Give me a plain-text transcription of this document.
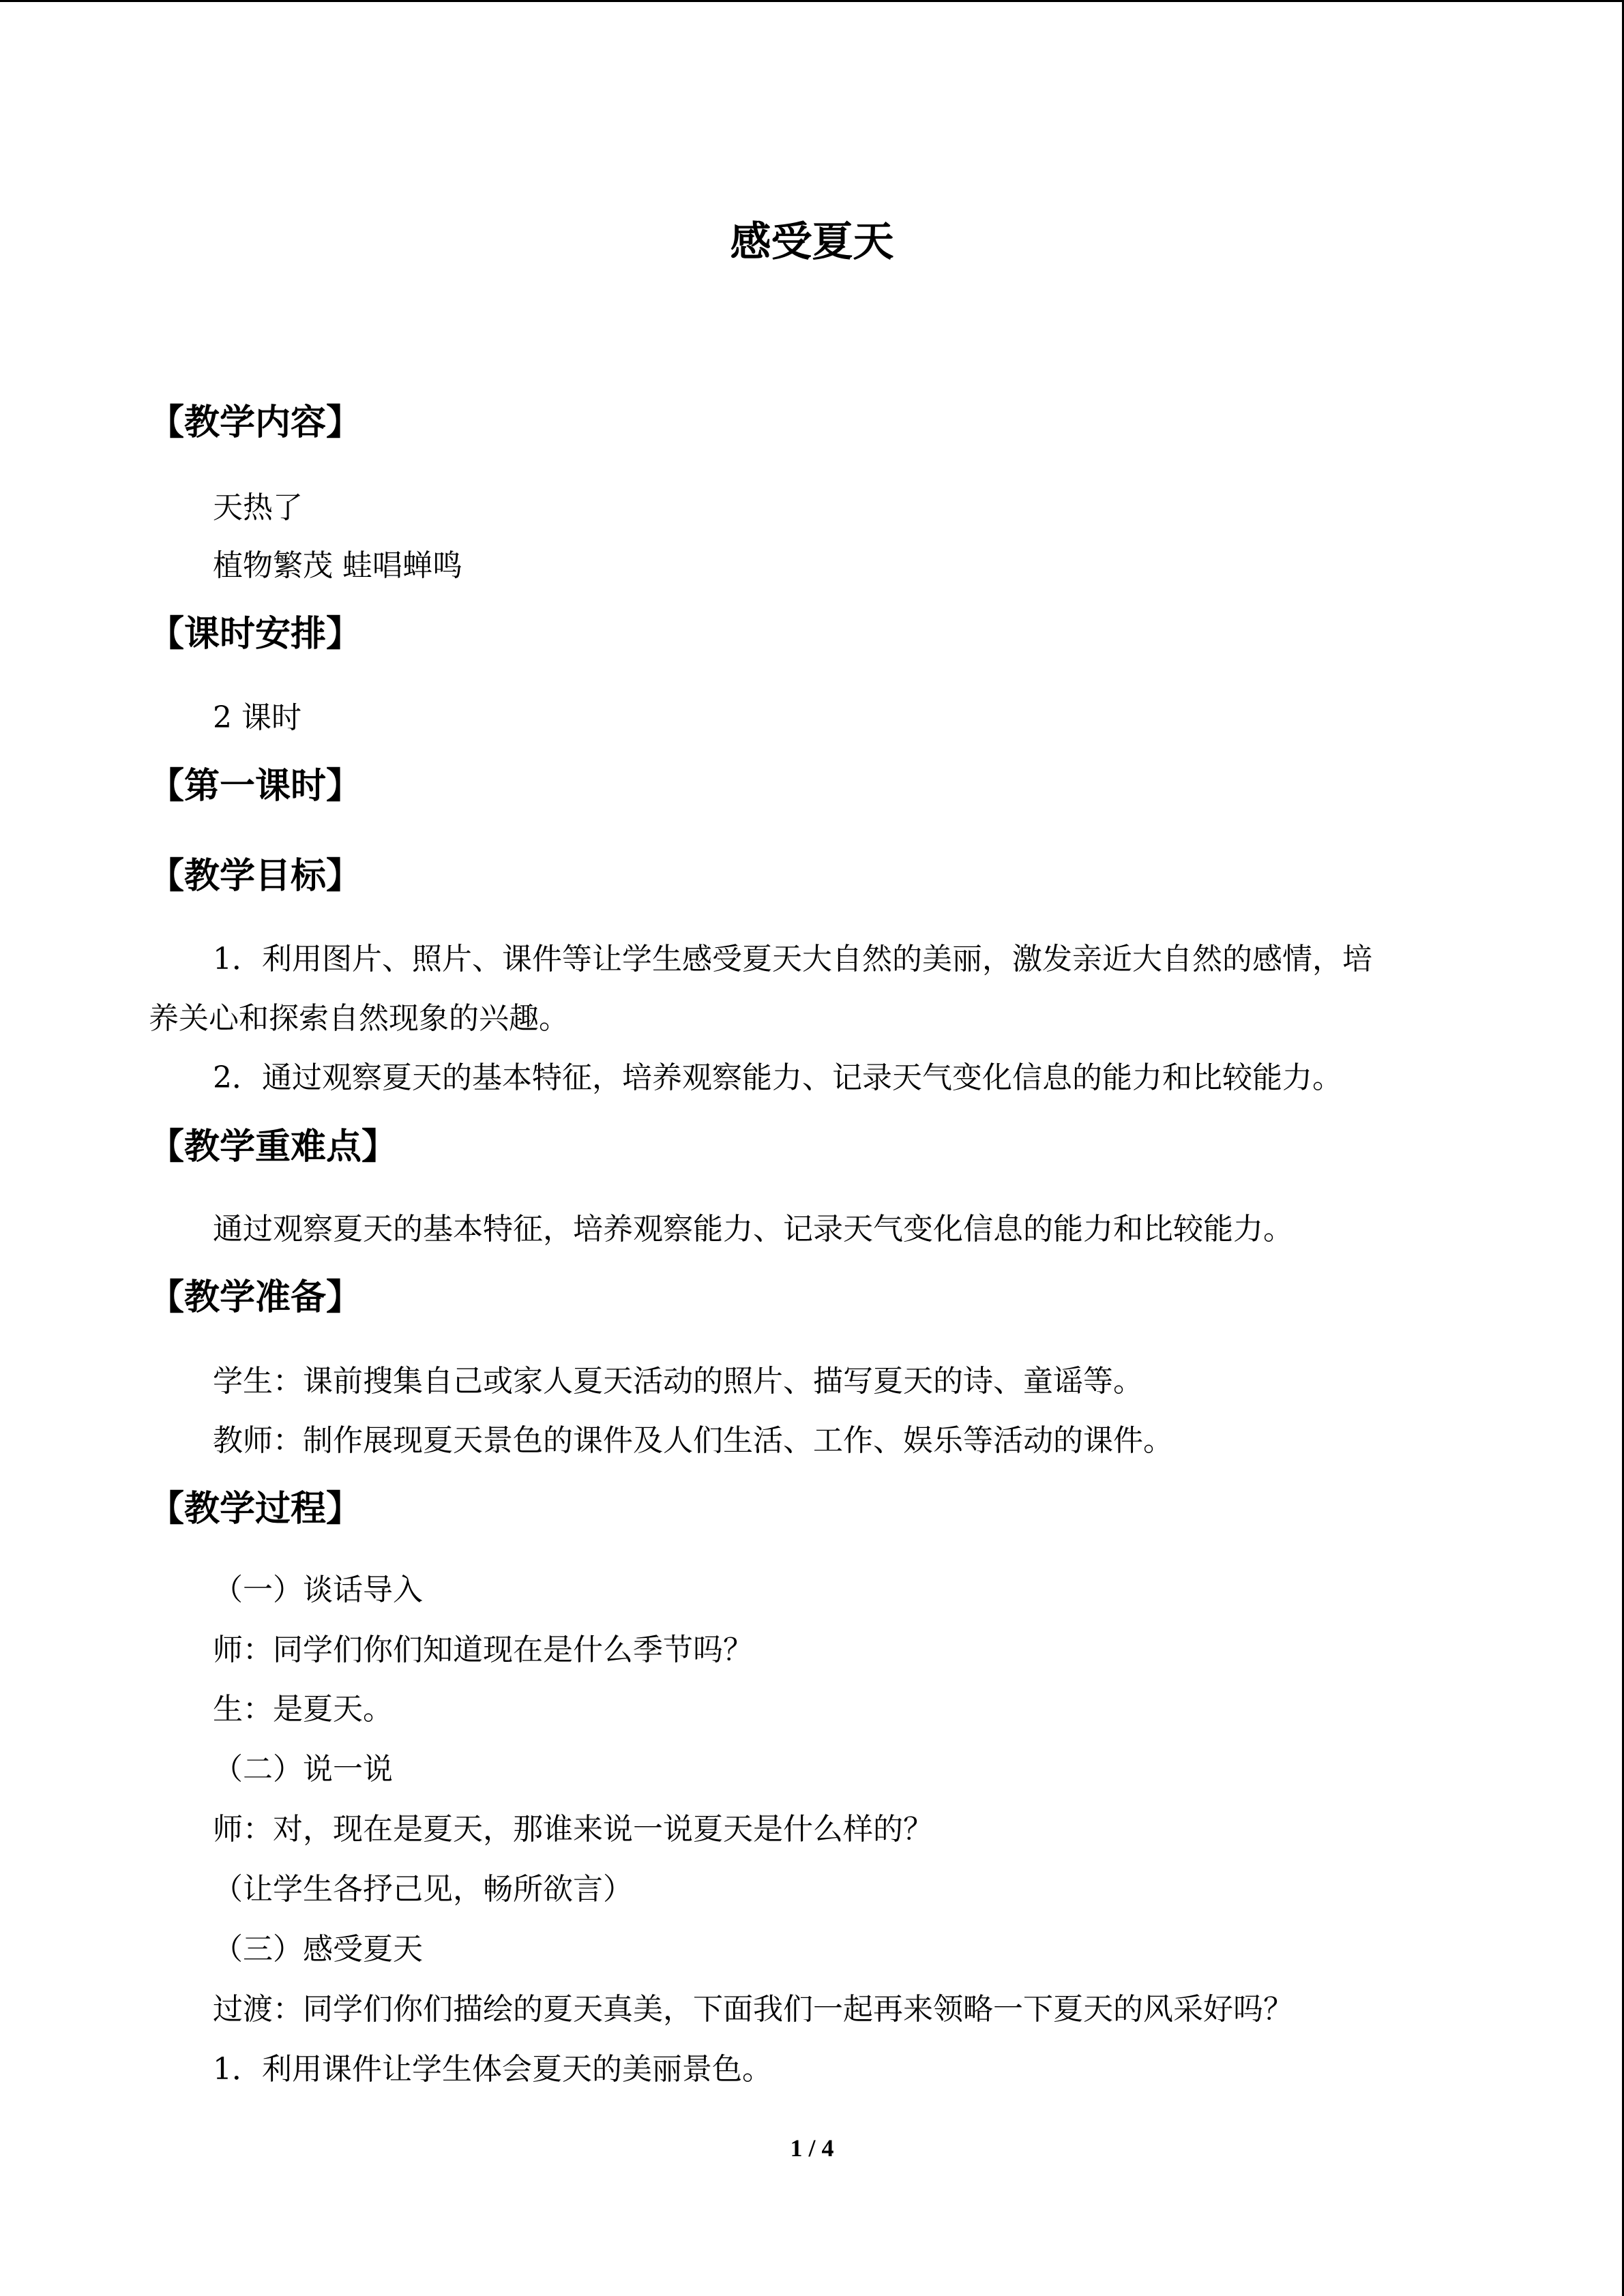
感受夏天
【教学内容】

天热了

植物繁茂 蛙唱蝉鸣

【课时安排】

2 课时

【第一课时】
【教学目标】

1．利用图片、照片、课件等让学生感受夏天大自然的美丽，激发亲近大自然的感情，培

养关心和探索自然现象的兴趣。

2．通过观察夏天的基本特征，培养观察能力、记录天气变化信息的能力和比较能力。

【教学重难点】

通过观察夏天的基本特征，培养观察能力、记录天气变化信息的能力和比较能力。

【教学准备】

学生：课前搜集自己或家人夏天活动的照片、描写夏天的诗、童谣等。

教师：制作展现夏天景色的课件及人们生活、工作、娱乐等活动的课件。

【教学过程】

（一）谈话导入

师：同学们你们知道现在是什么季节吗？

生：是夏天。

（二）说一说

师：对，现在是夏天，那谁来说一说夏天是什么样的？

（让学生各抒己见，畅所欲言）

（三）感受夏天

过渡：同学们你们描绘的夏天真美，下面我们一起再来领略一下夏天的风采好吗？

1．利用课件让学生体会夏天的美丽景色。

1 / 4
